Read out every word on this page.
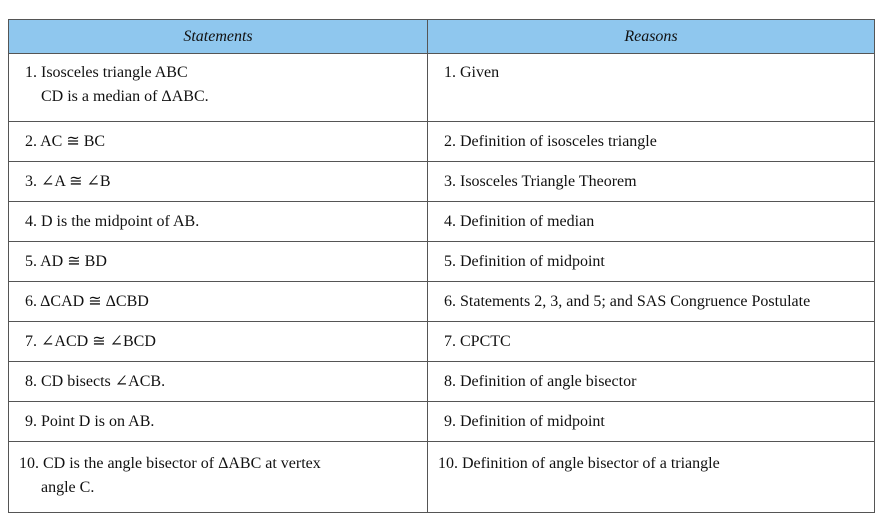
Statements	Reasons

1. Isosceles triangle ABC
CD is a median of ΔABC.	1. Given
2. AC ≅ BC	2. Definition of isosceles triangle
3. ∠A ≅ ∠B	3. Isosceles Triangle Theorem
4. D is the midpoint of AB.	4. Definition of median
5. AD ≅ BD	5. Definition of midpoint
6. ΔCAD ≅ ΔCBD	6. Statements 2, 3, and 5; and SAS Congruence Postulate
7. ∠ACD ≅ ∠BCD	7. CPCTC
8. CD bisects ∠ACB.	8. Definition of angle bisector
9. Point D is on AB.	9. Definition of midpoint

10. CD is the angle bisector of ΔABC at vertex
angle C.	10. Definition of angle bisector of a triangle
